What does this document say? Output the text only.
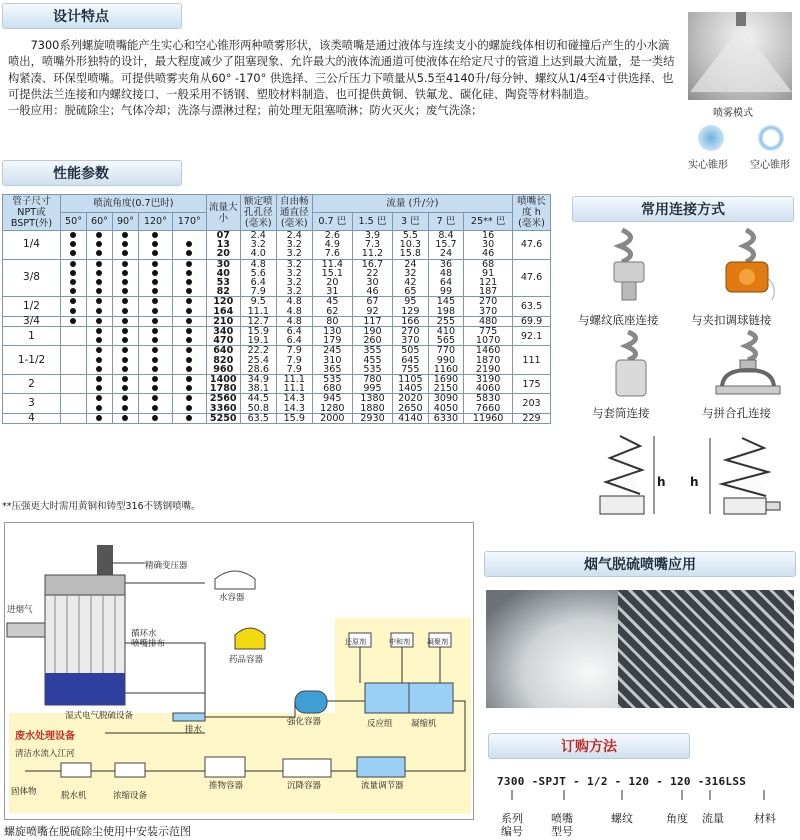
设计特点

7300系列螺旋喷嘴能产生实心和空心锥形两种喷雾形状，该类喷嘴是通过液体与连续支小的螺旋线体相切和碰撞后产生的小水滴喷出，喷嘴外形独特的设计，最大程度减少了阻塞现象、允许最大的液体流通道可使液体在给定尺寸的管道上达到最大流量，是一类结构紧凑、环保型喷嘴。可提供喷雾夹角从60° -170° 供选择、三公斤压力下喷量从5.5至4140升/每分钟、螺纹从1/4至4寸供选择、也可提供法兰连接和内螺纹接口、一般采用不锈钢、塑胶材料制造、也可提供黄铜、铁氟龙、碳化硅、陶瓷等材料制造。

一般应用：脱硫除尘；气体冷却；洗涤与漂淋过程；前处理无阻塞喷淋；防火灭火；废气洗涤；	喷雾模式
实心锥形 空心锥形
性能参数
管子尺寸 NPT或 BSPT(外)	喷流角度(0.7巴时)					流量大小	额定喷孔孔径(毫米)	自由畅通直径(毫米)	流量 (升/分)					喷嘴长度 h (毫米)
	50°	60°	90°	120°	170°				0.7 巴	1.5 巴	3 巴	7 巴	25** 巴	
1/4						07	2.4	2.4	2.6	3.9	5.5	8.4	16	47.6
						13	3.2	3.2	4.9	7.3	10.3	15.7	30	
						20	4.0	3.2	7.6	11.2	15.8	24	46	
3/8						30	4.8	3.2	11.4	16.7	24	36	68	47.6
						40	5.6	3.2	15.1	22	32	48	91	
						53	6.4	3.2	20	30	42	64	121	
						82	7.9	3.2	31	46	65	99	187	
1/2						120	9.5	4.8	45	67	95	145	270	63.5
						164	11.1	4.8	62	92	129	198	370	
3/4						210	12.7	4.8	80	117	166	255	480	69.9
1						340	15.9	6.4	130	190	270	410	775	92.1
						470	19.1	6.4	179	260	370	565	1070	
1-1/2						640	22.2	7.9	245	355	505	770	1460	111
						820	25.4	7.9	310	455	645	990	1870	
						960	28.6	7.9	365	535	755	1160	2190	
2						1400	34.9	11.1	535	780	1105	1690	3190	175
						1780	38.1	11.1	680	995	1405	2150	4060	
3						2560	44.5	14.3	945	1380	2020	3090	5830	203
						3360	50.8	14.3	1280	1880	2650	4050	7660	
4						5250	63.5	15.9	2000	2930	4140	6330	11960	229
**压强更大时需用黄铜和铸型316不锈钢喷嘴。
常用连接方式
与螺纹底座连接	与夹扣调球链接
与套筒连接	与拼合孔连接
h h
烟气脱硫喷嘴应用
订购方法
7300 -SPJT - 1/2 - 120 - 120 -316LSS
系列编号
喷嘴型号
螺纹	角度	流量	材料
精确变压器
水容器
进烟气
循环水
喷嘴排布
药品容器
湿式电气脱硫设备
排水
强化容器	反应组 凝缩机
还原剂	中和剂 凝聚剂
废水处理设备
清洁水流入江河
固体物	脱水机	浓缩设备
推物容器	沉降容器	流量调节器
螺旋喷嘴在脱硫除尘使用中安装示范图
